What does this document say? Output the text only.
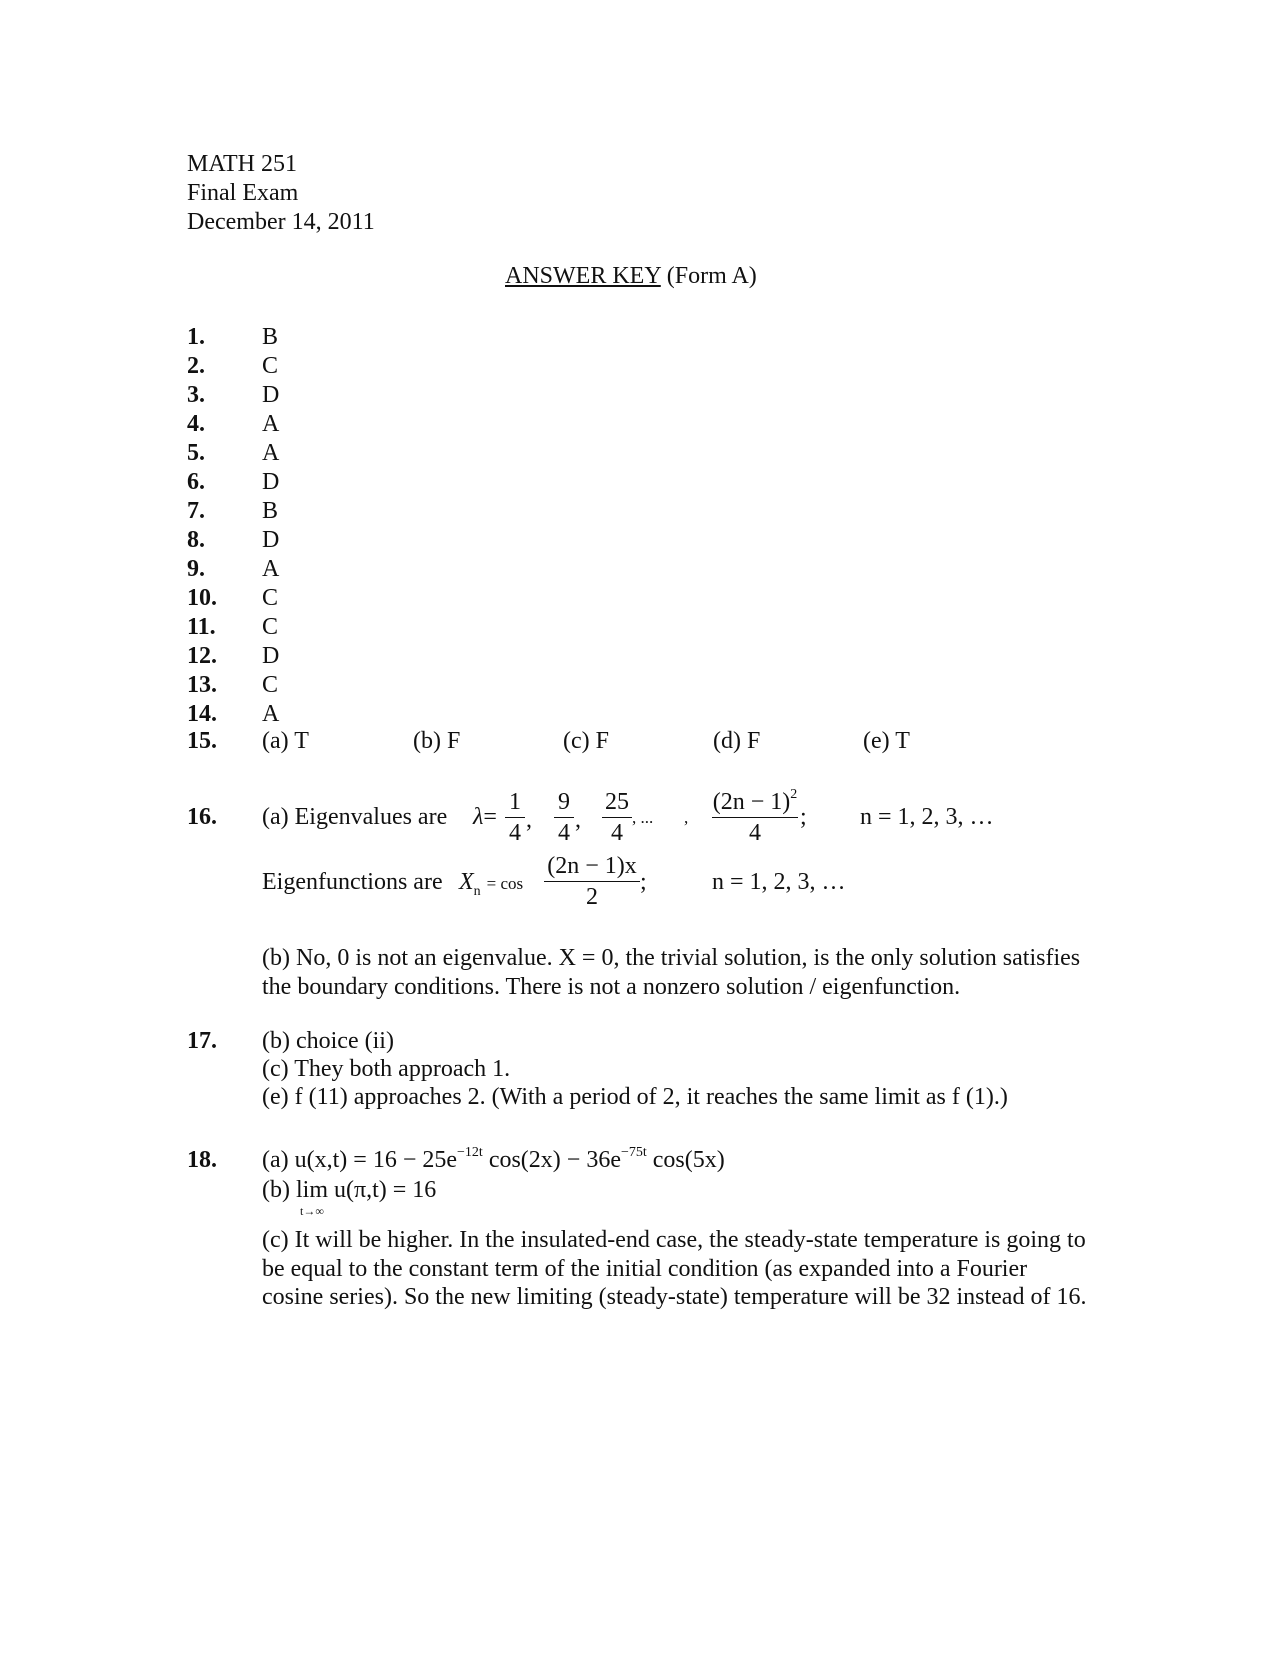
MATH 251
Final Exam
December 14, 2011
ANSWER KEY (Form A)
1. B
2. C
3. D
4. A
5. A
6. D
7. B
8. D
9. A
10. C
11. C
12. D
13. C
14. A
15. (a) T	(b) F	(c) F	(d) F	(e) T
16. (a) Eigenvalues are λ=
1
4 ,
9
4 ,
25
4
, ... ,
$(2n - 1)^2$
4
; n = 1, 2, 3, …
Eigenfunctions are $X_n = \cos$
(2n − 1)x
2
;	n = 1, 2, 3, …
(b) No, 0 is not an eigenvalue. X = 0, the trivial solution, is the only solution satisfies the boundary conditions. There is not a nonzero solution / eigenfunction.
17. (b) choice (ii)
(c) They both approach 1.
(e) f (11) approaches 2. (With a period of 2, it reaches the same limit as f (1).)
18. (a) $u(x,t) = 16 - 25e^{-12t}$ $\cos(2x) - 36e^{-75t}$ cos(5x)
(b) lim u(π,t) = 16
t→∞
(c) It will be higher. In the insulated-end case, the steady-state temperature is going to be equal to the constant term of the initial condition (as expanded into a Fourier cosine series). So the new limiting (steady-state) temperature will be 32 instead of 16.
